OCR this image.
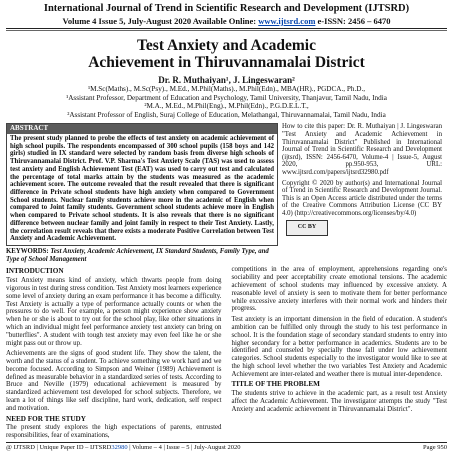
International Journal of Trend in Scientific Research and Development (IJTSRD)
Volume 4 Issue 5, July-August 2020 Available Online: www.ijtsrd.com e-ISSN: 2456 – 6470
Test Anxiety and Academic
Achievement in Thiruvannamalai District
Dr. R. Muthaiyan¹, J. Lingeswaran²
¹M.Sc(Maths)., M.Sc(Psy)., M.Ed., M.Phil(Maths)., M.Phil(Edn)., MBA(HR)., PGDCA., Ph.D.,
¹Assistant Professor, Department of Education and Psychology, Tamil University, Thanjavur, Tamil Nadu, India
²M.A., M.Ed., M.Phil(Eng)., M.Phil(Edn)., P.G.D.E.L.T.,
²Assistant Professor of English, Suraj College of Education, Melathangal, Thiruvannamalai, Tamil Nadu, India
ABSTRACT
The present study planned to probe the effects of test anxiety on academic achievement of high school pupils. The respondents encompassed of 300 school pupils (158 boys and 142 girls) studied in IX standard were selected by random basis from diverse high schools of Thiruvannamalai District. Prof. V.P. Sharma's Test Anxiety Scale (TAS) was used to assess test anxiety and English Achievement Test (EAT) was used to carry out test and calculated the percentage of total marks attain by the students was measured as the academic achievement score. The outcome revealed that the result revealed that there is significant difference in Private school students have high anxiety when compared to Government School students. Nuclear family students achieve more in the academic of English when compared to Joint family students. Government school students achieve more in English when compared to Private school students. It is also reveals that there is no significant difference between nuclear family and joint family in respect to their Test Anxiety. Lastly, the correlation result reveals that there exists a moderate Positive Correlation between Test Anxiety and Academic Achievement.
KEYWORDS: Test Anxiety, Academic Achievement, IX Standard Students, Family Type, and Type of School Management
How to cite this paper: Dr. R. Muthaiyan | J. Lingeswaran "Test Anxiety and Academic Achievement in Thiruvannamalai District" Published in International Journal of Trend in Scientific Research and Development (ijtsrd), ISSN: 2456-6470, Volume-4 | Issue-5, August 2020, pp.950-953, URL: www.ijtsrd.com/papers/ijtsrd32980.pdf
Copyright © 2020 by author(s) and International Journal of Trend in Scientific Research and Development Journal. This is an Open Access article distributed under the terms of the Creative Commons Attribution License (CC BY 4.0) (http://creativecommons.org/licenses/by/4.0)
CC BY
INTRODUCTION

Test Anxiety means kind of anxiety, which thwarts people from doing vigorous in test during stress condition. Test Anxiety most learners experience some level of anxiety during an exam performance it has become a difficulty. Test Anxiety is actually a type of performance actually counts or when the pressures to do well. For example, a person might experience show anxiety when he or she is about to try out for the school play, like other situations in which an individual might feel performance anxiety test anxiety can bring on "butterflies". A student with tough test anxiety may even feel like he or she might pass out or throw up.

Achievements are the signs of good student life. They show the talent, the worth and the status of a student. To achieve something we work hard and we become focused. According to Simpson and Weiner (1989) Achievement is defined as measurable behavior in a standardized series of tests. According to Bruce and Neville (1979) educational achievement is measured by standardized achievement test developed for school subjects. Therefore, we learn a lot of things like self discipline, hard work, dedication, self respect and motivation.

NEED FOR THE STUDY

The present study explores the high expectations of parents, entrusted responsibilities, fear of examinations,

competitions in the area of employment, apprehensions regarding one's sociability and peer acceptability create emotional tensions. The academic achievement of school students may influenced by excessive anxiety. A reasonable level of anxiety is seen to motivate them for better performance while excessive anxiety interferes with their normal work and hinders their progress.

Test anxiety is an important dimension in the field of education. A student's ambition can be fulfilled only through the study to his test performance in school. It is the foundation stage of secondary standard students to entry into higher secondary for a better performance in academics. Students are to be identified and counseled by specially those fall under low achievement categories. School students especially to the investigator would like to see at the high school level whether the two variables Test Anxiety and Academic Achievement are inter-related and weather there is mutual inter-dependence.

TITLE OF THE PROBLEM

The students strive to achieve in the academic part, as a result test Anxiety affect the Academic Achievement. The investigator attempts the study "Test Anxiety and academic achievement in Thiruvannamalai District".

@ IJTSRD | Unique Paper ID – IJTSRD32980 | Volume – 4 | Issue – 5 | July-August 2020	Page 950
